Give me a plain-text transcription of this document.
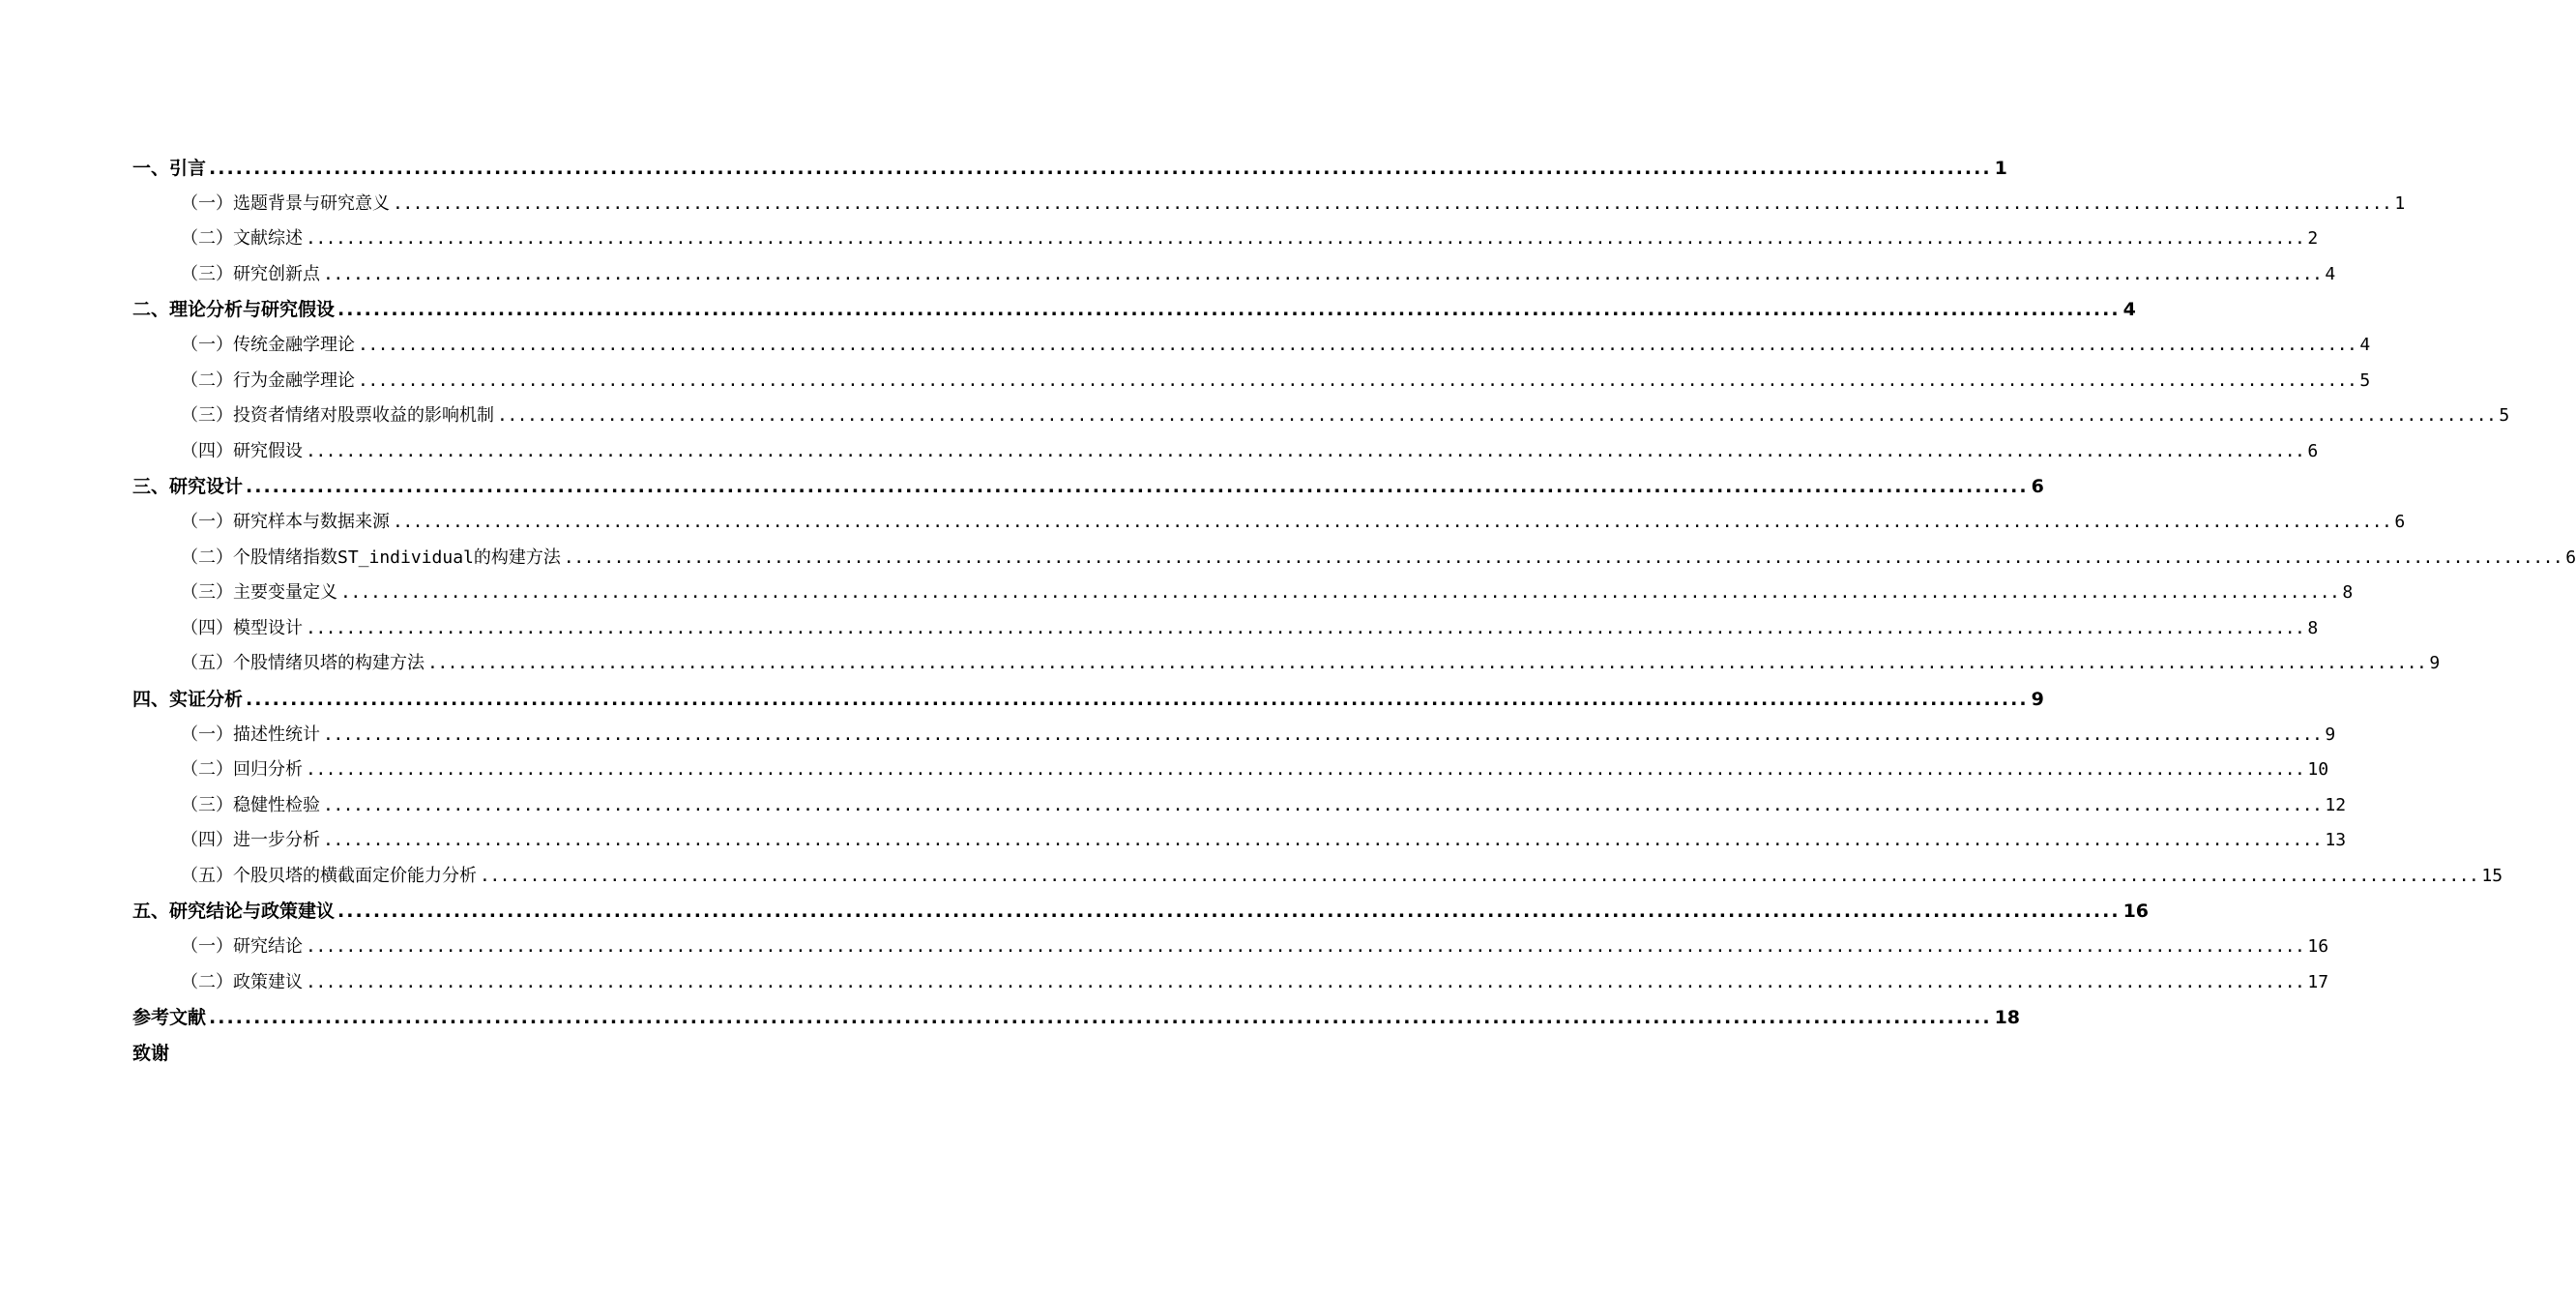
一、引言 ........................................................................................................................................................................................................ 1
（一）选题背景与研究意义 ........................................................................................................................................................................................................ 1
（二）文献综述 ........................................................................................................................................................................................................ 2
（三）研究创新点 ........................................................................................................................................................................................................ 4
二、理论分析与研究假设 ........................................................................................................................................................................................................ 4
（一）传统金融学理论 ........................................................................................................................................................................................................ 4
（二）行为金融学理论 ........................................................................................................................................................................................................ 5
（三）投资者情绪对股票收益的影响机制 ........................................................................................................................................................................................................ 5
（四）研究假设 ........................................................................................................................................................................................................ 6
三、研究设计 ........................................................................................................................................................................................................ 6
（一）研究样本与数据来源 ........................................................................................................................................................................................................ 6
（二）个股情绪指数ST_individual的构建方法 ........................................................................................................................................................................................................ 6
（三）主要变量定义 ........................................................................................................................................................................................................ 8
（四）模型设计 ........................................................................................................................................................................................................ 8
（五）个股情绪贝塔的构建方法 ........................................................................................................................................................................................................ 9
四、实证分析 ........................................................................................................................................................................................................ 9
（一）描述性统计 ........................................................................................................................................................................................................ 9
（二）回归分析 ........................................................................................................................................................................................................ 10
（三）稳健性检验 ........................................................................................................................................................................................................ 12
（四）进一步分析 ........................................................................................................................................................................................................ 13
（五）个股贝塔的横截面定价能力分析 ........................................................................................................................................................................................................ 15
五、研究结论与政策建议 ........................................................................................................................................................................................................ 16
（一）研究结论 ........................................................................................................................................................................................................ 16
（二）政策建议 ........................................................................................................................................................................................................ 17
参考文献 ........................................................................................................................................................................................................ 18
致谢
